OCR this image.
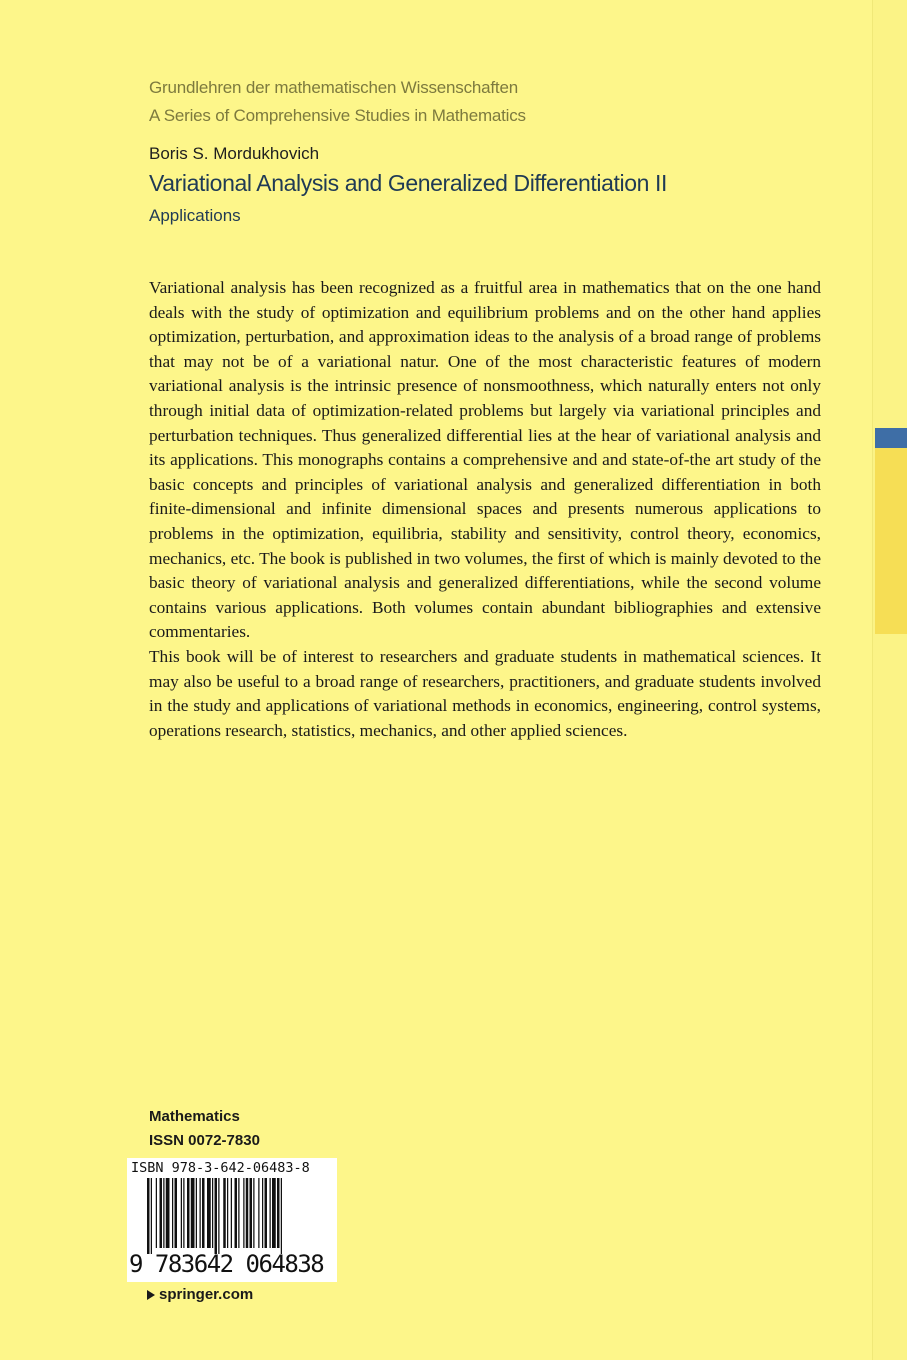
Grundlehren der mathematischen Wissenschaften
A Series of Comprehensive Studies in Mathematics
Boris S. Mordukhovich
Variational Analysis and Generalized Differentiation II
Applications

Variational analysis has been recognized as a fruitful area in mathematics that on the one hand deals with the study of optimization and equilibrium problems and on the other hand applies optimization, perturbation, and approximation ideas to the analysis of a broad range of problems that may not be of a variational natur. One of the most characteristic features of modern variational analysis is the intrinsic presence of nonsmoothness, which naturally enters not only through initial data of optimization-related problems but largely via variational principles and perturbation techniques. Thus generalized differential lies at the hear of variational analysis and its applications. This monographs contains a comprehensive and and state-of-the art study of the basic concepts and principles of variational analysis and generalized differentiation in both finite-dimensional and infinite dimensional spaces and presents numerous applications to problems in the optimization, equilibria, stability and sensitivity, control theory, economics, mechanics, etc. The book is published in two volumes, the first of which is mainly devoted to the basic theory of variational analysis and generalized differentiations, while the second volume contains various applications. Both volumes contain abundant bibliographies and extensive commentaries.

This book will be of interest to researchers and graduate students in mathematical sciences. It may also be useful to a broad range of researchers, practitioners, and graduate students involved in the study and applications of variational methods in economics, engineering, control systems, operations research, statistics, mechanics, and other applied sciences.

Mathematics
ISSN 0072-7830
ISBN 978-3-642-06483-8
9 783642 064838
springer.com
